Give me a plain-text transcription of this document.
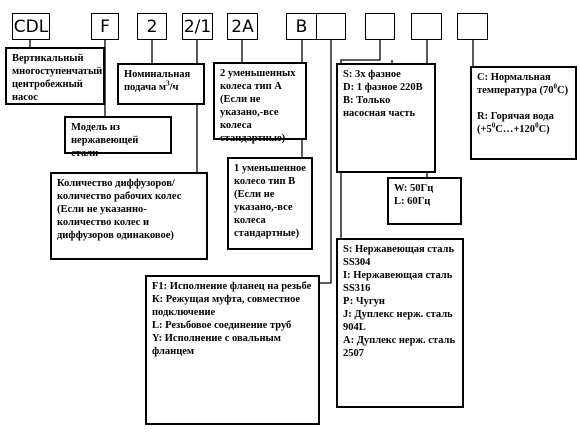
CDL	F	2	2/1 2A	B
Вертикальный многоступенчатый центробежный насос
Номинальная подача $м^3/ч$
2 уменьшенных колеса тип А
(Если не указано,-все колеса стандартные)
Модель из нержавеющей стали
1 уменьшенное колесо тип В
(Если не указано,-все колеса стандартные)
Количество диффузоров/ количество рабочих колес
(Если не указанно- количество колес и диффузоров одинаковое)
S: 3х фазное
D: 1 фазное 220В
B: Только насосная часть
W: 50Гц
L: 60Гц
С: Нормальная температура $(70^0С)$

R: Горячая вода $(+5^0С\dots+120^0С)$
F1: Исполнение фланец на резьбе
К: Режущая муфта, совместное подключение
L: Резьбовое соединение труб
Y: Исполнение с овальным фланцем
S: Нержавеющая сталь SS304
I: Нержавеющая сталь SS316
Р: Чугун
J: Дуплекс нерж. сталь 904L
А: Дуплекс нерж. сталь 2507
